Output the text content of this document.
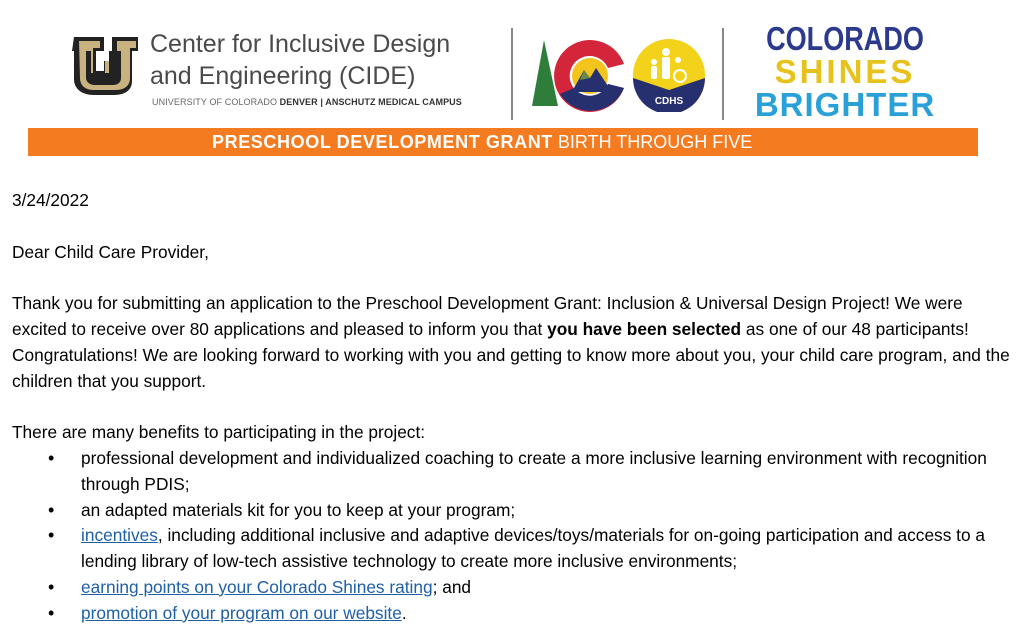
Center for Inclusive Design
and Engineering (CIDE)
UNIVERSITY OF COLORADO DENVER | ANSCHUTZ MEDICAL CAMPUS	CDHS
COLORADO
SHINES
BRIGHTER
PRESCHOOL DEVELOPMENT GRANT BIRTH THROUGH FIVE

3/24/2022

Dear Child Care Provider,

Thank you for submitting an application to the Preschool Development Grant: Inclusion & Universal Design Project! We were excited to receive over 80 applications and pleased to inform you that you have been selected as one of our 48 participants! Congratulations! We are looking forward to working with you and getting to know more about you, your child care program, and the children that you support.

There are many benefits to participating in the project:
• professional development and individualized coaching to create a more inclusive learning environment with recognition through PDIS;
• an adapted materials kit for you to keep at your program;
• incentives, including additional inclusive and adaptive devices/toys/materials for on-going participation and access to a lending library of low-tech assistive technology to create more inclusive environments;
• earning points on your Colorado Shines rating; and
• promotion of your program on our website.
